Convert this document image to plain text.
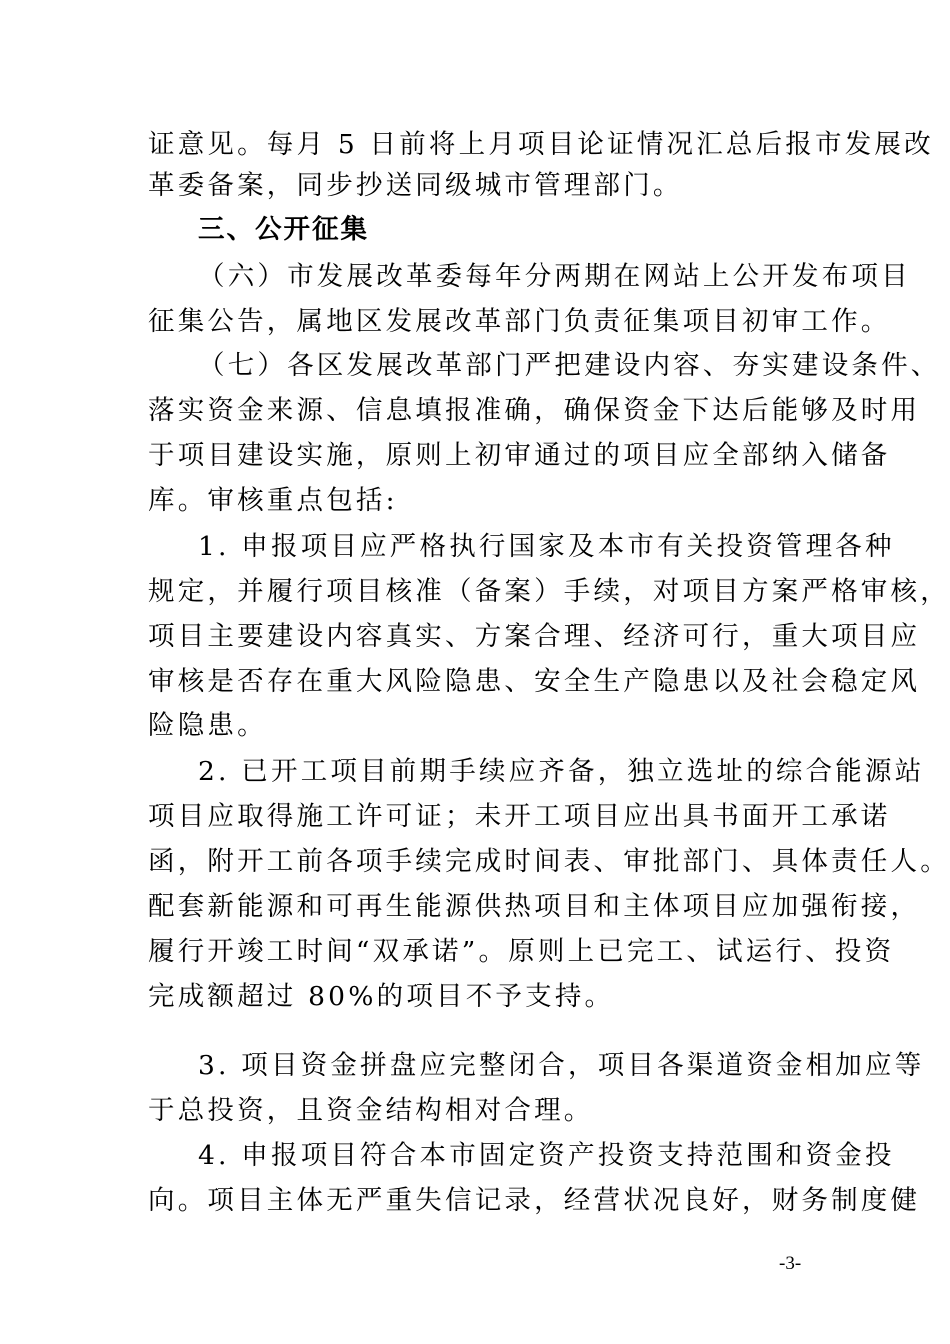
证意见。每月 5 日前将上月项目论证情况汇总后报市发展改
革委备案，同步抄送同级城市管理部门。
三、公开征集
（六）市发展改革委每年分两期在网站上公开发布项目
征集公告，属地区发展改革部门负责征集项目初审工作。
（七）各区发展改革部门严把建设内容、夯实建设条件、
落实资金来源、信息填报准确，确保资金下达后能够及时用
于项目建设实施，原则上初审通过的项目应全部纳入储备
库。审核重点包括:
1. 申报项目应严格执行国家及本市有关投资管理各种
规定，并履行项目核准（备案）手续，对项目方案严格审核，
项目主要建设内容真实、方案合理、经济可行，重大项目应
审核是否存在重大风险隐患、安全生产隐患以及社会稳定风
险隐患。
2. 已开工项目前期手续应齐备，独立选址的综合能源站
项目应取得施工许可证；未开工项目应出具书面开工承诺
函，附开工前各项手续完成时间表、审批部门、具体责任人。
配套新能源和可再生能源供热项目和主体项目应加强衔接，
履行开竣工时间“双承诺”。原则上已完工、试运行、投资
完成额超过 80%的项目不予支持。
3. 项目资金拼盘应完整闭合，项目各渠道资金相加应等
于总投资，且资金结构相对合理。
4. 申报项目符合本市固定资产投资支持范围和资金投
向。项目主体无严重失信记录，经营状况良好，财务制度健
-3-
